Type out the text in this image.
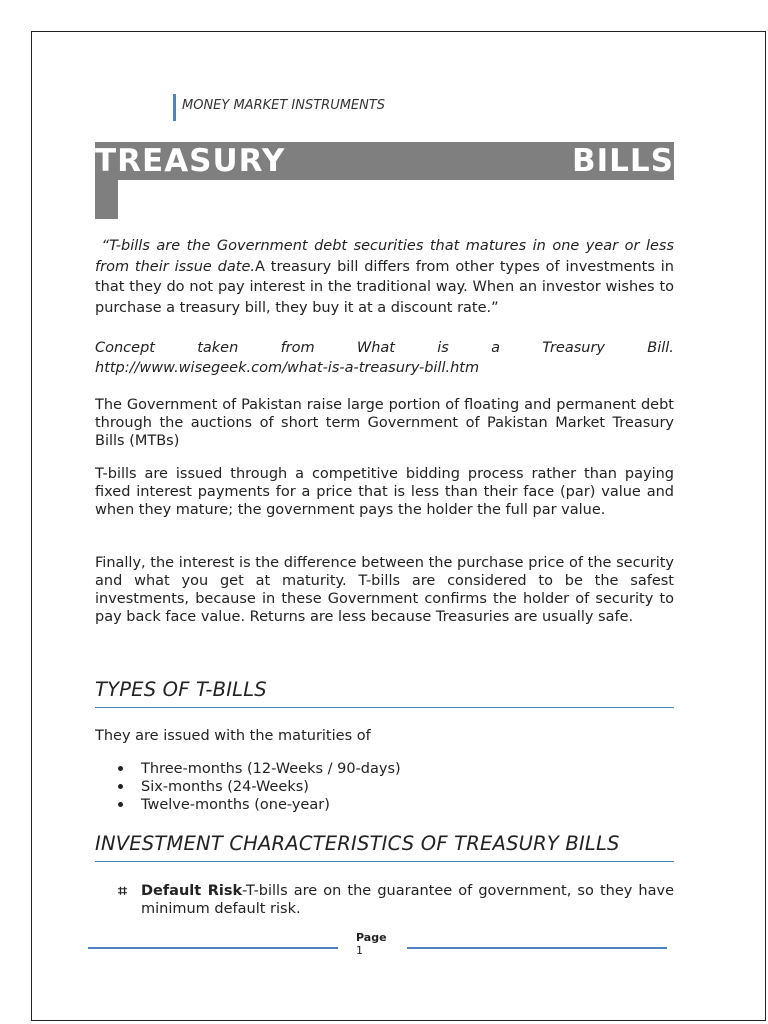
MONEY MARKET INSTRUMENTS
TREASURY	BILLS
“T-bills are the Government debt securities that matures in one year or less from their issue date.A treasury bill differs from other types of investments in that they do not pay interest in the traditional way. When an investor wishes to purchase a treasury bill, they buy it at a discount rate.”
Concept	taken	from	What	is	a	Treasury	Bill.
http://www.wisegeek.com/what-is-a-treasury-bill.htm
The Government of Pakistan raise large portion of floating and permanent debt through the auctions of short term Government of Pakistan Market Treasury Bills (MTBs)
T-bills are issued through a competitive bidding process rather than paying fixed interest payments for a price that is less than their face (par) value and when they mature; the government pays the holder the full par value.
Finally, the interest is the difference between the purchase price of the security and what you get at maturity. T-bills are considered to be the safest investments, because in these Government confirms the holder of security to pay back face value. Returns are less because Treasuries are usually safe.
TYPES OF T-BILLS
They are issued with the maturities of
Three-months (12-Weeks / 90-days)
Six-months (24-Weeks)
Twelve-months (one-year)
INVESTMENT CHARACTERISTICS OF TREASURY BILLS
⌗ Default Risk-T-bills are on the guarantee of government, so they have minimum default risk.
Page
1
